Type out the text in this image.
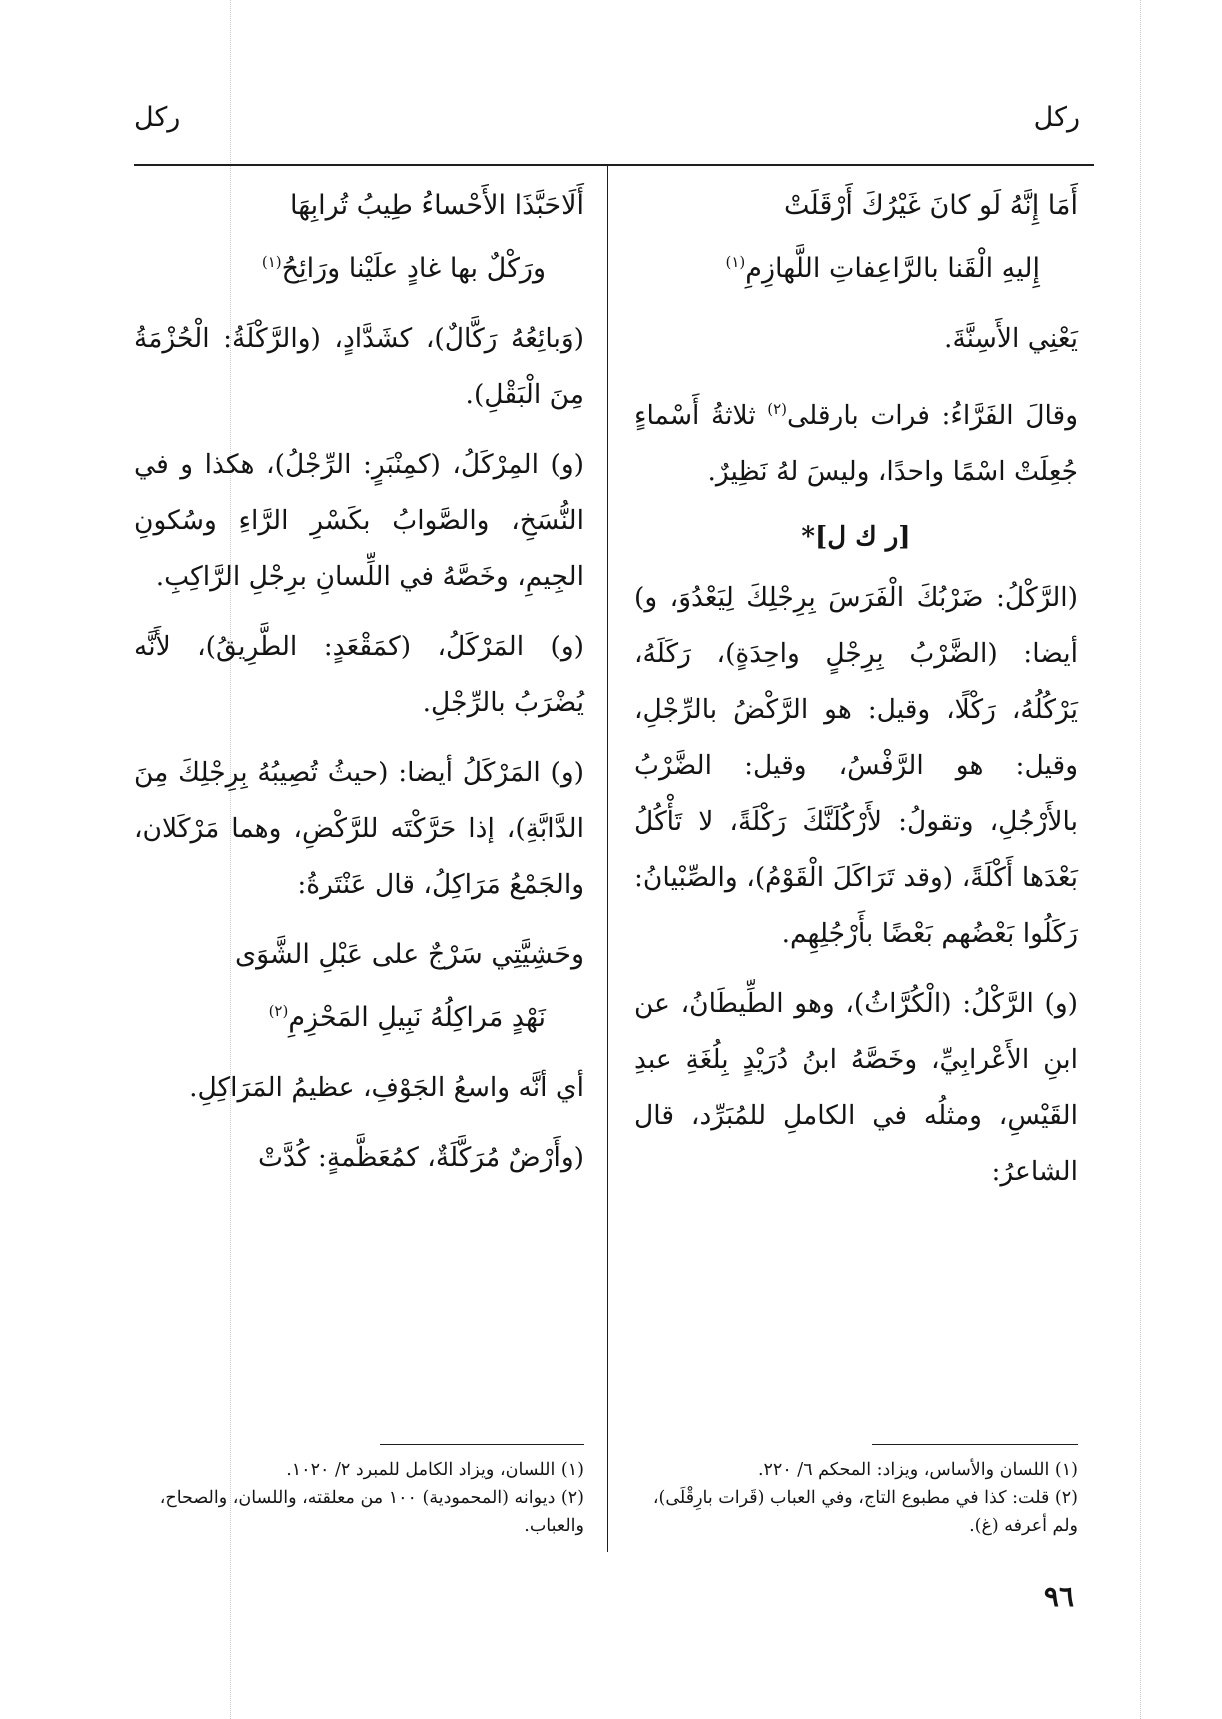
ركل
ركل
أَمَا إِنَّهُ لَو كانَ غَيْرُكَ أَرْقَلَتْ
إِليهِ الْقَنا بالرَّاعِفاتِ اللَّهازِمِ$^{(١)}$

يَعْنِي الأَسِنَّةَ.

وقالَ الفَرَّاءُ: فرات بارقلى$^{(٢)}$ ثلاثةُ أَسْماءٍ جُعِلَتْ اسْمًا واحدًا، وليسَ لهُ نَظِيرٌ.

[ر ك ل]*

(الرَّكْلُ: ضَرْبُكَ الْفَرَسَ بِرِجْلِكَ لِيَعْدُوَ، و) أيضا: (الضَّرْبُ بِرِجْلٍ واحِدَةٍ)، رَكَلَهُ، يَرْكُلُهُ، رَكْلًا، وقيل: هو الرَّكْضُ بالرِّجْلِ، وقيل: هو الرَّفْسُ، وقيل: الضَّرْبُ بالأَرْجُلِ، وتقولُ: لأَرْكُلَنَّكَ رَكْلَةً، لا تَأْكُلُ بَعْدَها أَكْلَةً، (وقد تَرَاكَلَ الْقَوْمُ)، والصِّبْيانُ: رَكَلُوا بَعْضُهم بَعْضًا بأَرْجُلِهِم.

(و) الرَّكْلُ: (الْكُرَّاثُ)، وهو الطِّيطَانُ، عن ابنِ الأَعْرابِيِّ، وخَصَّهُ ابنُ دُرَيْدٍ بِلُغَةِ عبدِ القَيْسِ، ومثلُه في الكاملِ للمُبَرِّد، قال الشاعرُ:

أَلَاحَبَّذَا الأَحْساءُ طِيبُ تُرابِهَا
ورَكْلٌ بها غادٍ علَيْنا ورَائِحُ$^{(١)}$

(وَبائِعُهُ رَكَّالٌ)، كشَدَّادٍ، (والرَّكْلَةُ: الْحُزْمَةُ مِنَ الْبَقْلِ).

(و) المِرْكَلُ، (كمِنْبَرٍ: الرِّجْلُ)، هكذا و في النُّسَخِ، والصَّوابُ بكَسْرِ الرَّاءِ وسُكونِ الجِيمِ، وخَصَّهُ في اللِّسانِ برِجْلِ الرَّاكِبِ.

(و) المَرْكَلُ، (كمَقْعَدٍ: الطَّرِيقُ)، لأَنَّه يُضْرَبُ بالرِّجْلِ.

(و) المَرْكَلُ أيضا: (حيثُ تُصِيبُهُ بِرِجْلِكَ مِنَ الدَّابَّةِ)، إذا حَرَّكْتَه للرَّكْضِ، وهما مَرْكَلان، والجَمْعُ مَرَاكِلُ، قال عَنْتَرةُ:

وحَشِيَّتِي سَرْجٌ على عَبْلِ الشَّوَى
نَهْدٍ مَراكِلُهُ نَبِيلِ المَحْزِمِ$^{(٢)}$

أي أنَّه واسعُ الجَوْفِ، عظيمُ المَرَاكِلِ.

(وأَرْضٌ مُرَكَّلَةٌ، كمُعَظَّمةٍ: كُدَّتْ

(١) اللسان والأساس، ويزاد: المحكم ٦/ ٢٢٠.
(٢) قلت: كذا في مطبوع التاج، وفي العباب (قَرات بارِقْلَى)، ولم أعرفه (غ).
(١) اللسان، ويزاد الكامل للمبرد ٢/ ١٠٢٠.
(٢) ديوانه (المحمودية) ١٠٠ من معلقته، واللسان، والصحاح، والعباب.
٩٦
